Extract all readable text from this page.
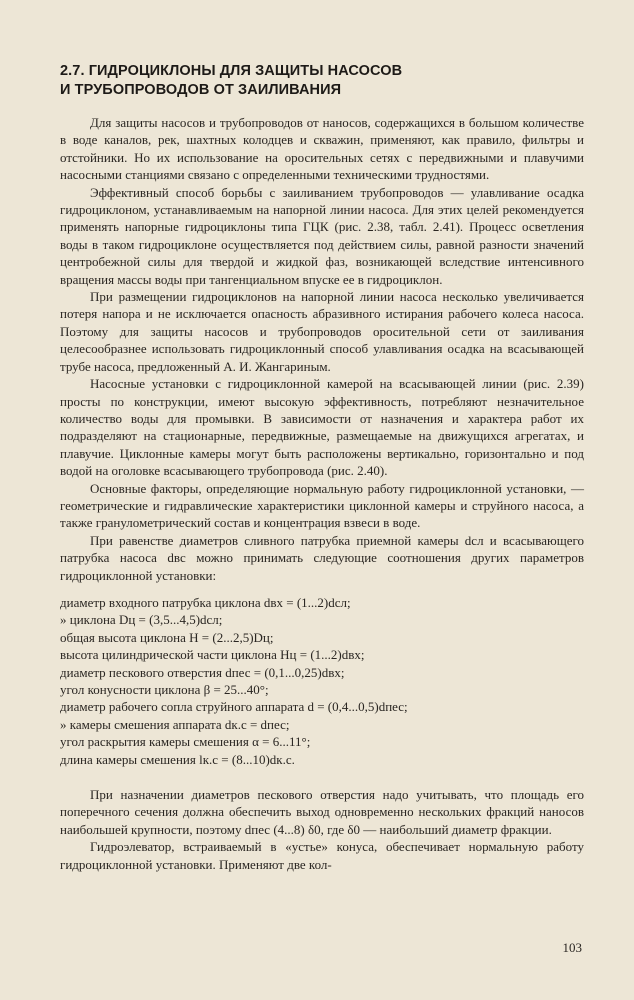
2.7. ГИДРОЦИКЛОНЫ ДЛЯ ЗАЩИТЫ НАСОСОВ
И ТРУБОПРОВОДОВ ОТ ЗАИЛИВАНИЯ

Для защиты насосов и трубопроводов от наносов, содержащихся в большом количестве в воде каналов, рек, шахтных колодцев и скважин, применяют, как правило, фильтры и отстойники. Но их использование на оросительных сетях с передвижными и плавучими насосными станциями связано с определенными техническими трудностями.

Эффективный способ борьбы с заиливанием трубопроводов — улавливание осадка гидроциклоном, устанавливаемым на напорной линии насоса. Для этих целей рекомендуется применять напорные гидроциклоны типа ГЦК (рис. 2.38, табл. 2.41). Процесс осветления воды в таком гидроциклоне осуществляется под действием силы, равной разности значений центробежной силы для твердой и жидкой фаз, возникающей вследствие интенсивного вращения массы воды при тангенциальном впуске ее в гидроциклон.

При размещении гидроциклонов на напорной линии насоса несколько увеличивается потеря напора и не исключается опасность абразивного истирания рабочего колеса насоса. Поэтому для защиты насосов и трубопроводов оросительной сети от заиливания целесообразнее использовать гидроциклонный способ улавливания осадка на всасывающей трубе насоса, предложенный А. И. Жангариным.

Насосные установки с гидроциклонной камерой на всасывающей линии (рис. 2.39) просты по конструкции, имеют высокую эффективность, потребляют незначительное количество воды для промывки. В зависимости от назначения и характера работ их подразделяют на стационарные, передвижные, размещаемые на движущихся агрегатах, и плавучие. Циклонные камеры могут быть расположены вертикально, горизонтально и под водой на оголовке всасывающего трубопровода (рис. 2.40).

Основные факторы, определяющие нормальную работу гидроциклонной установки, — геометрические и гидравлические характеристики циклонной камеры и струйного насоса, а также гранулометрический состав и концентрация взвеси в воде.

При равенстве диаметров сливного патрубка приемной камеры dсл и всасывающего патрубка насоса dвс можно принимать следующие соотношения других параметров гидроциклонной установки:

диаметр входного патрубка циклона dвх = (1...2)dсл;

» циклона Dц = (3,5...4,5)dсл;

общая высота циклона H = (2...2,5)Dц;

высота цилиндрической части циклона Hц = (1...2)dвх;

диаметр пескового отверстия dпес = (0,1...0,25)dвх;

угол конусности циклона β = 25...40°;

диаметр рабочего сопла струйного аппарата d = (0,4...0,5)dпес;

» камеры смешения аппарата dк.с = dпес;

угол раскрытия камеры смешения α = 6...11°;

длина камеры смешения lк.с = (8...10)dк.с.

При назначении диаметров пескового отверстия надо учитывать, что площадь его поперечного сечения должна обеспечить выход одновременно нескольких фракций наносов наибольшей крупности, поэтому dпес (4...8) δ0, где δ0 — наибольший диаметр фракции.

Гидроэлеватор, встраиваемый в «устье» конуса, обеспечивает нормальную работу гидроциклонной установки. Применяют две кол-

103
